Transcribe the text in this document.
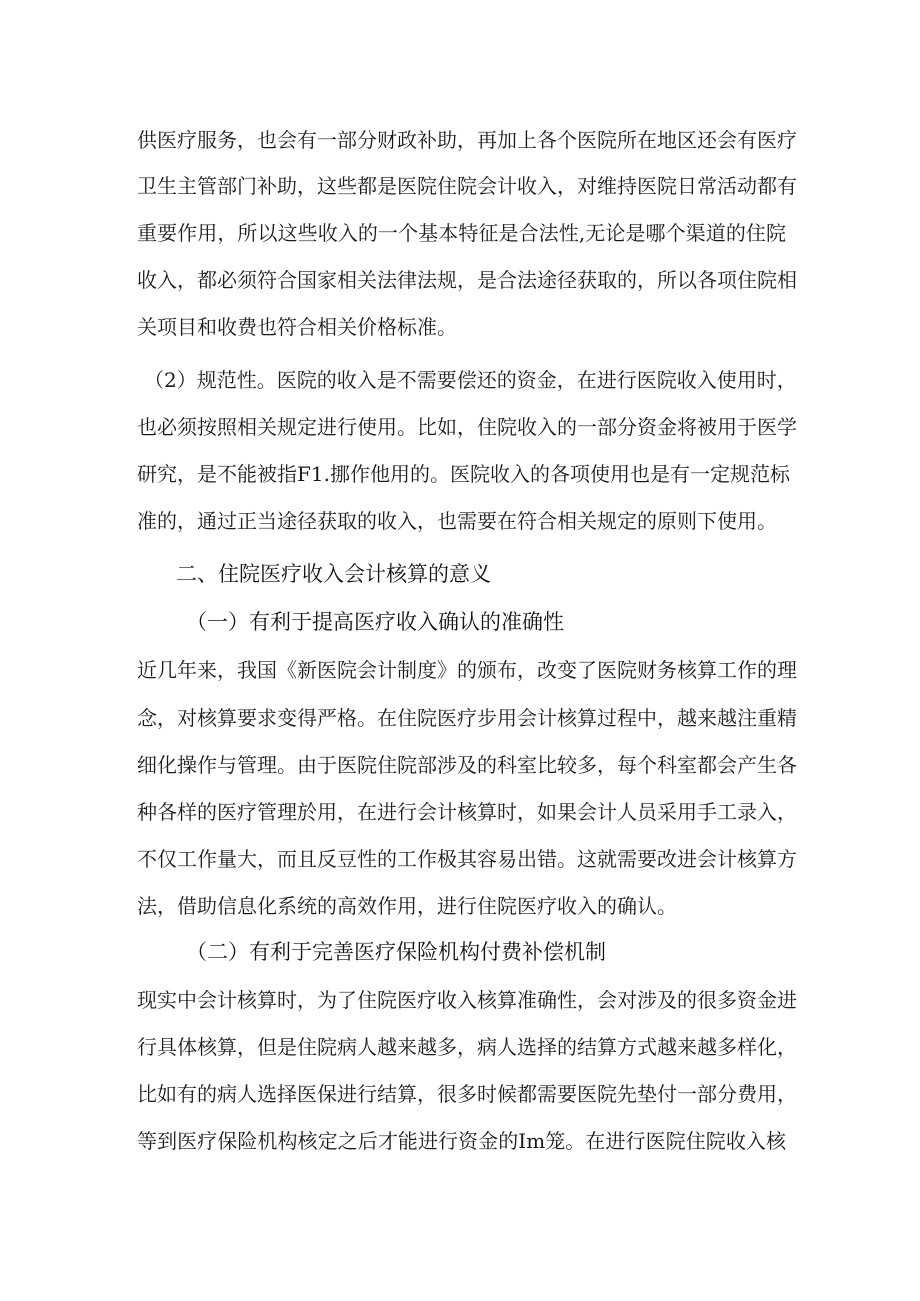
供医疗服务，也会有一部分财政补助，再加上各个医院所在地区还会有医疗
卫生主管部门补助，这些都是医院住院会计收入，对维持医院日常活动都有
重要作用，所以这些收入的一个基本特征是合法性,无论是哪个渠道的住院
收入，都必须符合国家相关法律法规，是合法途径获取的，所以各项住院相
关项目和收费也符合相关价格标准。
（2）规范性。医院的收入是不需要偿还的资金，在进行医院收入使用时，
也必须按照相关规定进行使用。比如，住院收入的一部分资金将被用于医学
研究，是不能被指F1.挪作他用的。医院收入的各项使用也是有一定规范标
准的，通过正当途径获取的收入，也需要在符合相关规定的原则下使用。
二、住院医疗收入会计核算的意义
（一）有利于提高医疗收入确认的准确性
近几年来，我国《新医院会计制度》的颁布，改变了医院财务核算工作的理
念，对核算要求变得严格。在住院医疗步用会计核算过程中，越来越注重精
细化操作与管理。由于医院住院部涉及的科室比较多，每个科室都会产生各
种各样的医疗管理於用，在进行会计核算时，如果会计人员采用手工录入，
不仅工作量大，而且反豆性的工作极其容易出错。这就需要改进会计核算方
法，借助信息化系统的高效作用，进行住院医疗收入的确认。
（二）有利于完善医疗保险机构付费补偿机制
现实中会计核算时，为了住院医疗收入核算准确性，会对涉及的很多资金进
行具体核算，但是住院病人越来越多，病人选择的结算方式越来越多样化，
比如有的病人选择医保进行结算，很多时候都需要医院先垫付一部分费用，
等到医疗保险机构核定之后才能进行资金的Im笼。在进行医院住院收入核
